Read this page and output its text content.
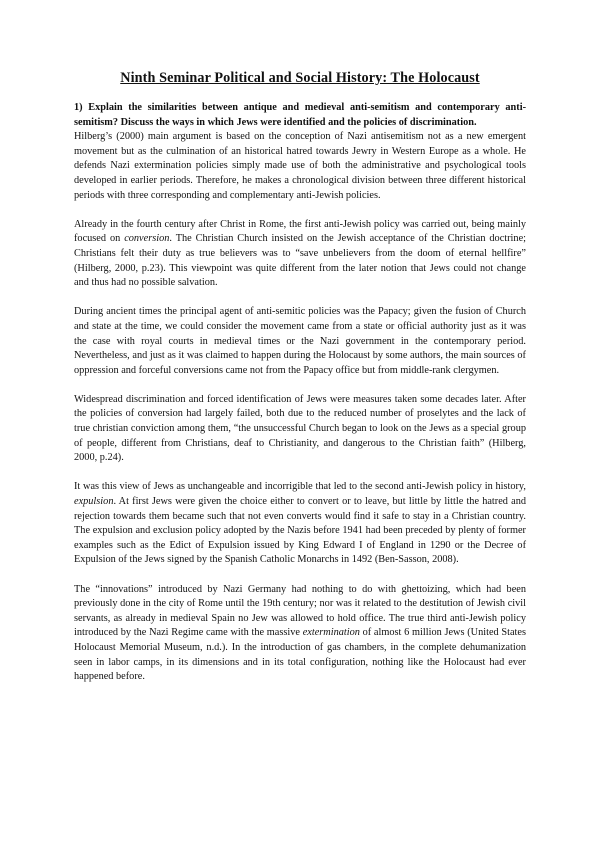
Ninth Seminar Political and Social History: The Holocaust

1) Explain the similarities between antique and medieval anti-semitism and contemporary anti-semitism? Discuss the ways in which Jews were identified and the policies of discrimination.

Hilberg’s (2000) main argument is based on the conception of Nazi antisemitism not as a new emergent movement but as the culmination of an historical hatred towards Jewry in Western Europe as a whole. He defends Nazi extermination policies simply made use of both the administrative and psychological tools developed in earlier periods. Therefore, he makes a chronological division between three different historical periods with three corresponding and complementary anti-Jewish policies.

Already in the fourth century after Christ in Rome, the first anti-Jewish policy was carried out, being mainly focused on conversion. The Christian Church insisted on the Jewish acceptance of the Christian doctrine; Christians felt their duty as true believers was to “save unbelievers from the doom of eternal hellfire” (Hilberg, 2000, p.23). This viewpoint was quite different from the later notion that Jews could not change and thus had no possible salvation.

During ancient times the principal agent of anti-semitic policies was the Papacy; given the fusion of Church and state at the time, we could consider the movement came from a state or official authority just as it was the case with royal courts in medieval times or the Nazi government in the contemporary period. Nevertheless, and just as it was claimed to happen during the Holocaust by some authors, the main sources of oppression and forceful conversions came not from the Papacy office but from middle-rank clergymen.

Widespread discrimination and forced identification of Jews were measures taken some decades later. After the policies of conversion had largely failed, both due to the reduced number of proselytes and the lack of true christian conviction among them, “the unsuccessful Church began to look on the Jews as a special group of people, different from Christians, deaf to Christianity, and dangerous to the Christian faith” (Hilberg, 2000, p.24).

It was this view of Jews as unchangeable and incorrigible that led to the second anti-Jewish policy in history, expulsion. At first Jews were given the choice either to convert or to leave, but little by little the hatred and rejection towards them became such that not even converts would find it safe to stay in a Christian country. The expulsion and exclusion policy adopted by the Nazis before 1941 had been preceded by plenty of former examples such as the Edict of Expulsion issued by King Edward I of England in 1290 or the Decree of Expulsion of the Jews signed by the Spanish Catholic Monarchs in 1492 (Ben-Sasson, 2008).

The “innovations” introduced by Nazi Germany had nothing to do with ghettoizing, which had been previously done in the city of Rome until the 19th century; nor was it related to the destitution of Jewish civil servants, as already in medieval Spain no Jew was allowed to hold office. The true third anti-Jewish policy introduced by the Nazi Regime came with the massive extermination of almost 6 million Jews (United States Holocaust Memorial Museum, n.d.). In the introduction of gas chambers, in the complete dehumanization seen in labor camps, in its dimensions and in its total configuration, nothing like the Holocaust had ever happened before.
